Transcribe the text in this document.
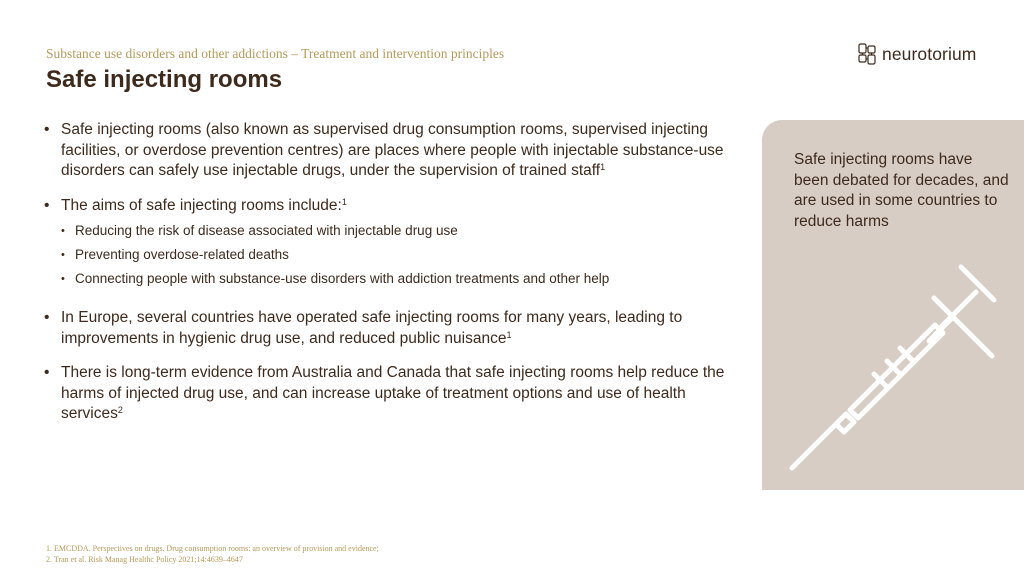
Substance use disorders and other addictions – Treatment and intervention principles
Safe injecting rooms
neurotorium
• Safe injecting rooms (also known as supervised drug consumption rooms, supervised injecting facilities, or overdose prevention centres) are places where people with injectable substance-use disorders can safely use injectable drugs, under the supervision of trained staff$^1$
• The aims of safe injecting rooms include:$^1$
• Reducing the risk of disease associated with injectable drug use
• Preventing overdose-related deaths
• Connecting people with substance-use disorders with addiction treatments and other help
• In Europe, several countries have operated safe injecting rooms for many years, leading to improvements in hygienic drug use, and reduced public nuisance$^1$
• There is long-term evidence from Australia and Canada that safe injecting rooms help reduce the harms of injected drug use, and can increase uptake of treatment options and use of health services$^2$
Safe injecting rooms have been debated for decades, and are used in some countries to reduce harms
1. EMCDDA. Perspectives on drugs. Drug consumption rooms: an overview of provision and evidence;
2. Tran et al. Risk Manag Healthc Policy 2021;14:4639–4647
